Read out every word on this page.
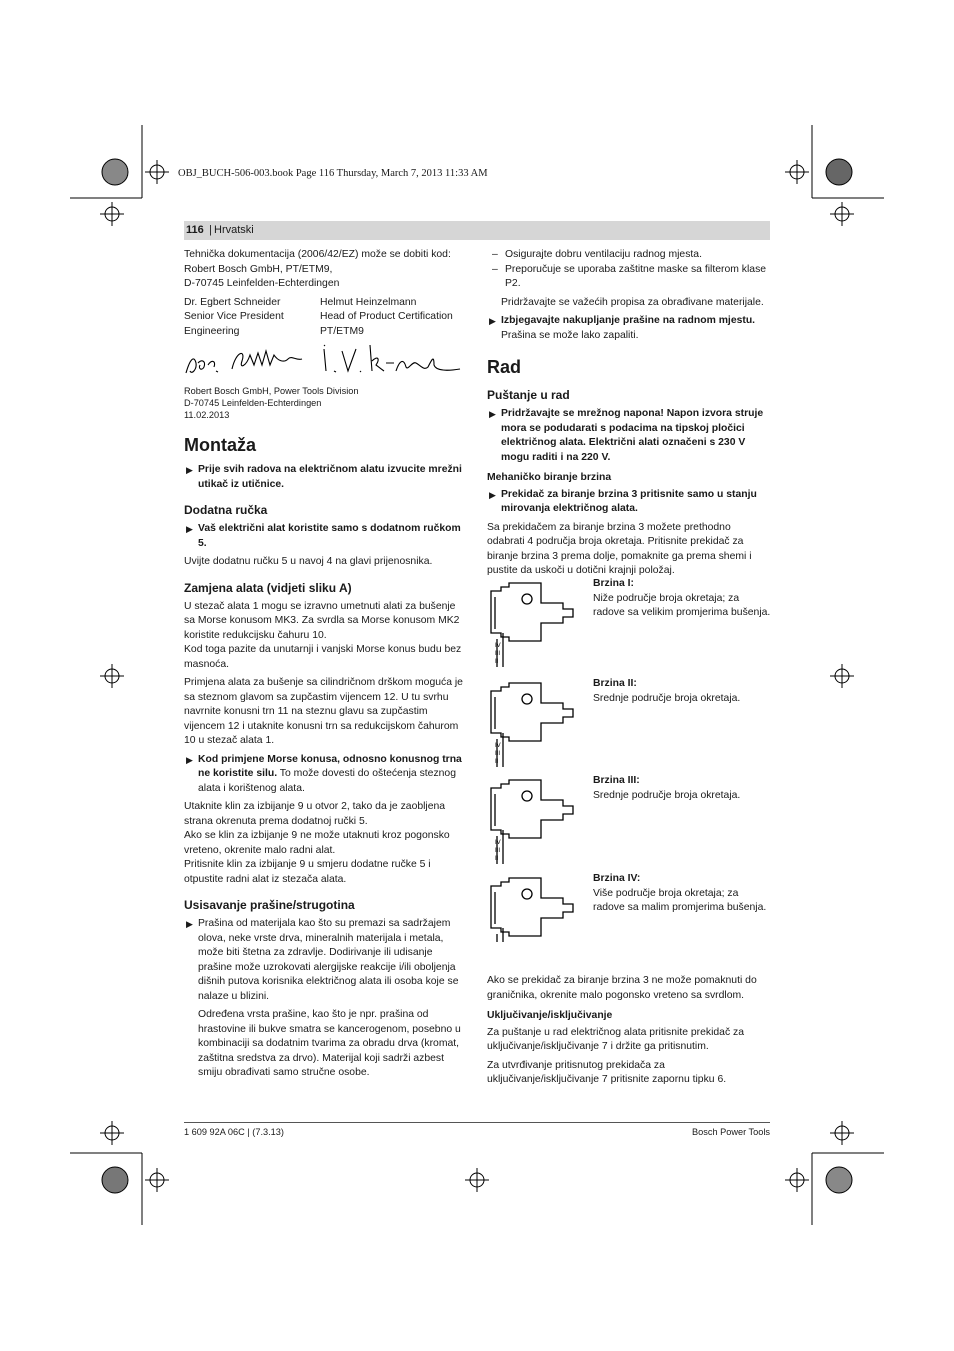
OBJ_BUCH-506-003.book Page 116 Thursday, March 7, 2013 11:33 AM
116 | Hrvatski
Tehnička dokumentacija (2006/42/EZ) može se dobiti kod:
Robert Bosch GmbH, PT/ETM9,
D-70745 Leinfelden-Echterdingen
Dr. Egbert Schneider
Senior Vice President
Engineering
Helmut Heinzelmann
Head of Product Certification
PT/ETM9
Robert Bosch GmbH, Power Tools Division
D-70745 Leinfelden-Echterdingen
11.02.2013
Montaža
▶ Prije svih radova na električnom alatu izvucite mrežni utikač iz utičnice.
Dodatna ručka
▶ Vaš električni alat koristite samo s dodatnom ručkom 5.

Uvijte dodatnu ručku 5 u navoj 4 na glavi prijenosnika.

Zamjena alata (vidjeti sliku A)

U stezač alata 1 mogu se izravno umetnuti alati za bušenje sa Morse konusom MK3. Za svrdla sa Morse konusom MK2 koristite redukcijsku čahuru 10.

Kod toga pazite da unutarnji i vanjski Morse konus budu bez masnoća.

Primjena alata za bušenje sa cilindričnom drškom moguća je sa steznom glavom sa zupčastim vijencem 12. U tu svrhu navrnite konusni trn 11 na steznu glavu sa zupčastim vijencem 12 i utaknite konusni trn sa redukcijskom čahurom 10 u stezač alata 1.

▶ Kod primjene Morse konusa, odnosno konusnog trna ne koristite silu. To može dovesti do oštećenja steznog alata i korištenog alata.

Utaknite klin za izbijanje 9 u otvor 2, tako da je zaobljena strana okrenuta prema dodatnoj ručki 5.

Ako se klin za izbijanje 9 ne može utaknuti kroz pogonsko vreteno, okrenite malo radni alat.

Pritisnite klin za izbijanje 9 u smjeru dodatne ručke 5 i otpustite radni alat iz stezača alata.

Usisavanje prašine/strugotina
▶ Prašina od materijala kao što su premazi sa sadržajem olova, neke vrste drva, mineralnih materijala i metala, može biti štetna za zdravlje. Dodirivanje ili udisanje prašine može uzrokovati alergijske reakcije i/ili oboljenja dišnih putova korisnika električnog alata ili osoba koje se nalaze u blizini.
Određena vrsta prašine, kao što je npr. prašina od hrastovine ili bukve smatra se kancerogenom, posebno u kombinaciji sa dodatnim tvarima za obradu drva (kromat, zaštitna sredstva za drvo). Materijal koji sadrži azbest smiju obrađivati samo stručne osobe.
– Osigurajte dobru ventilaciju radnog mjesta.
– Preporučuje se uporaba zaštitne maske sa filterom klase P2.

Pridržavajte se važećih propisa za obrađivane materijale.

▶ Izbjegavajte nakupljanje prašine na radnom mjestu.
Prašina se može lako zapaliti.
Rad
Puštanje u rad
▶ Pridržavajte se mrežnog napona! Napon izvora struje mora se podudarati s podacima na tipskoj pločici električnog alata. Električni alati označeni s 230 V mogu raditi i na 220 V.
Mehaničko biranje brzina
▶ Prekidač za biranje brzina 3 pritisnite samo u stanju mirovanja električnog alata.

Sa prekidačem za biranje brzina 3 možete prethodno odabrati 4 područja broja okretaja. Pritisnite prekidač za biranje brzina 3 prema dolje, pomaknite ga prema shemi i pustite da uskoči u dotični krajnji položaj.

IV
III
II
Brzina I:
Niže područje broja okretaja; za radove sa velikim promjerima bušenja.
IV
III
II
Brzina II:
Srednje područje broja okretaja.
IV
III
II
Brzina III:
Srednje područje broja okretaja.
Brzina IV:
Više područje broja okretaja; za radove sa malim promjerima bušenja.

Ako se prekidač za biranje brzina 3 ne može pomaknuti do graničnika, okrenite malo pogonsko vreteno sa svrdlom.

Uključivanje/isključivanje

Za puštanje u rad električnog alata pritisnite prekidač za uključivanje/isključivanje 7 i držite ga pritisnutim.

Za utvrđivanje pritisnutog prekidača za uključivanje/isključivanje 7 pritisnite zapornu tipku 6.

1 609 92A 06C | (7.3.13)	Bosch Power Tools
